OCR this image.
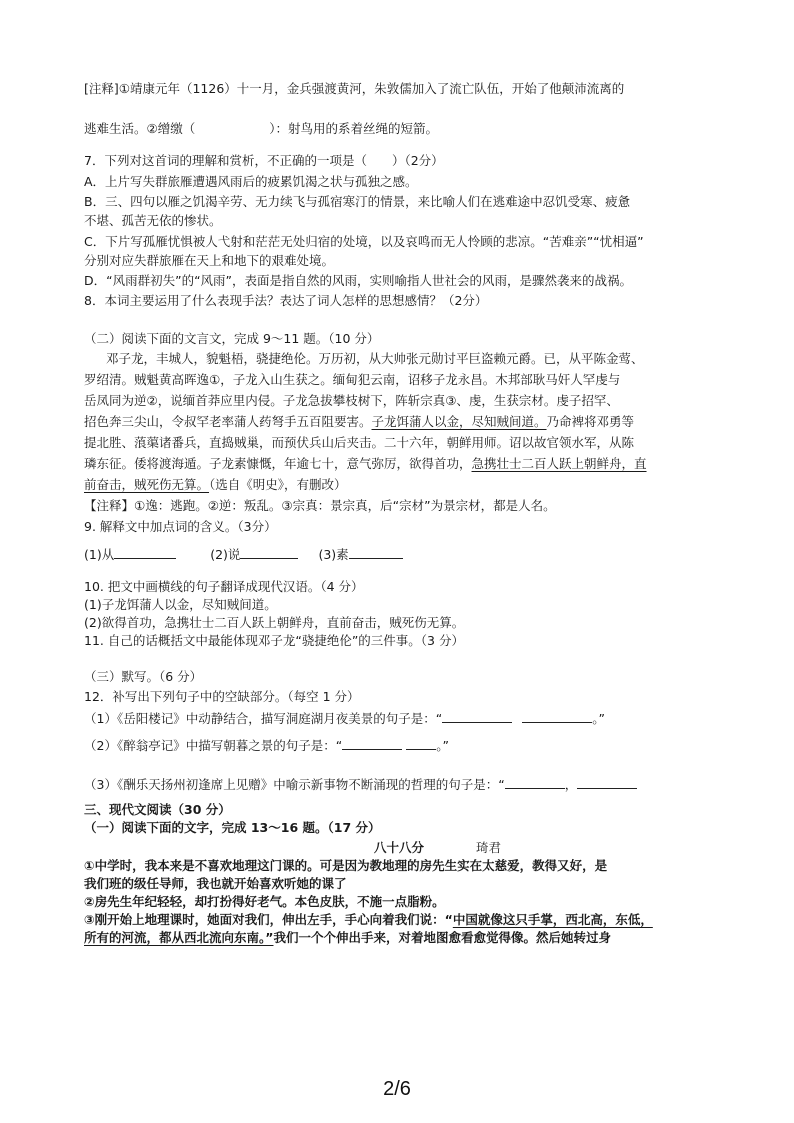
[注释]①靖康元年（1126）十一月，金兵强渡黄河，朱敦儒加入了流亡队伍，开始了他颠沛流离的
逃难生活。②缯缴（	）：射鸟用的系着丝绳的短箭。
7．下列对这首词的理解和赏析，不正确的一项是（　　）（2分）
A．上片写失群旅雁遭遇风雨后的疲累饥渴之状与孤独之感。
B．三、四句以雁之饥渴辛劳、无力续飞与孤宿寒汀的情景，来比喻人们在逃难途中忍饥受寒、疲惫
不堪、孤苦无依的惨状。
C．下片写孤雁忧惧被人弋射和茫茫无处归宿的处境，以及哀鸣而无人怜顾的悲凉。“苦难亲”“忧相逼”
分别对应失群旅雁在天上和地下的艰难处境。
D．“风雨群初失”的“风雨”，表面是指自然的风雨，实则喻指人世社会的风雨，是骤然袭来的战祸。
8．本词主要运用了什么表现手法？表达了词人怎样的思想感情？（2分）
（二）阅读下面的文言文，完成 9～11 题。（10 分）
邓子龙，丰城人，貌魁梧，骁捷绝伦。万历初，从大帅张元勋讨平巨盗赖元爵。已，从平陈金莺、
罗绍清。贼魁黄高晖逸①，子龙入山生获之。缅甸犯云南，诏移子龙永昌。木邦部耿马奸人罕虔与
岳凤同为逆②，说缅首莽应里内侵。子龙急拔攀枝树下，阵斩宗真③、虔，生获宗材。虔子招罕、
招色奔三尖山，令叔罕老率蒲人药弩手五百阻要害。子龙饵蒲人以金，尽知贼间道。乃命裨将邓勇等
提北胜、蒗蕖诸番兵，直捣贼巢，而预伏兵山后夹击。二十六年，朝鲜用师。诏以故官领水军，从陈
璘东征。倭将渡海遁。子龙素慷慨，年逾七十，意气弥厉，欲得首功，急携壮士二百人跃上朝鲜舟，直
前奋击，贼死伤无算。（选自《明史》，有删改）
【注释】①逸：逃跑。②逆：叛乱。③宗真：景宗真，后“宗材”为景宗材，都是人名。
9. 解释文中加点词的含义。（3分）
(1)从	(2)说	(3)素
10. 把文中画横线的句子翻译成现代汉语。（4 分）
(1)子龙饵蒲人以金，尽知贼间道。
(2)欲得首功，急携壮士二百人跃上朝鲜舟，直前奋击，贼死伤无算。
11. 自己的话概括文中最能体现邓子龙“骁捷绝伦”的三件事。（3 分）
（三）默写。（6 分）
12．补写出下列句子中的空缺部分。（每空 1 分）
（1）《岳阳楼记》中动静结合，描写洞庭湖月夜美景的句子是：“	。”
（2）《醉翁亭记》中描写朝暮之景的句子是：“	。”
（3）《酬乐天扬州初逢席上见赠》中喻示新事物不断涌现的哲理的句子是：“	，
三、现代文阅读（30 分）
（一）阅读下面的文字，完成 13～16 题。（17 分）
八十八分	琦君
①中学时，我本来是不喜欢地理这门课的。可是因为教地理的房先生实在太慈爱，教得又好，是
我们班的级任导师，我也就开始喜欢听她的课了
②房先生年纪轻轻，却打扮得好老气。本色皮肤，不施一点脂粉。
③刚开始上地理课时，她面对我们，伸出左手，手心向着我们说：“中国就像这只手掌，西北高，东低，
所有的河流，都从西北流向东南。”我们一个个伸出手来，对着地图愈看愈觉得像。然后她转过身
2/6
